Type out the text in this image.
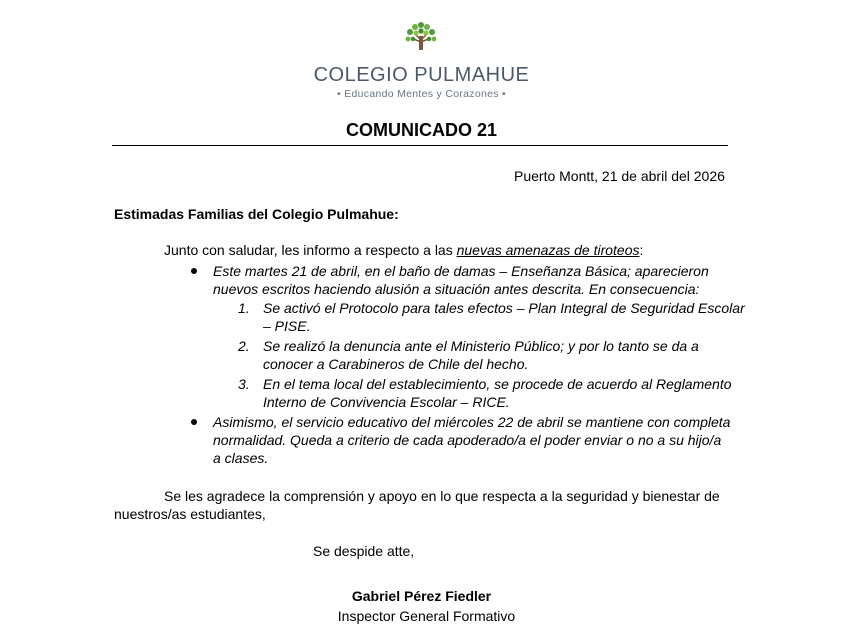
COLEGIO PULMAHUE
• Educando Mentes y Corazones •
COMUNICADO 21
Puerto Montt, 21 de abril del 2026
Estimadas Familias del Colegio Pulmahue:
Junto con saludar, les informo a respecto a las nuevas amenazas de tiroteos:
Este martes 21 de abril, en el baño de damas – Enseñanza Básica; aparecieron
nuevos escritos haciendo alusión a situación antes descrita. En consecuencia:
1. Se activó el Protocolo para tales efectos – Plan Integral de Seguridad Escolar
– PISE.
2. Se realizó la denuncia ante el Ministerio Público; y por lo tanto se da a
conocer a Carabineros de Chile del hecho.
3. En el tema local del establecimiento, se procede de acuerdo al Reglamento
Interno de Convivencia Escolar – RICE.
Asimismo, el servicio educativo del miércoles 22 de abril se mantiene con completa
normalidad. Queda a criterio de cada apoderado/a el poder enviar o no a su hijo/a
a clases.
Se les agradece la comprensión y apoyo en lo que respecta a la seguridad y bienestar de
nuestros/as estudiantes,
Se despide atte,
Gabriel Pérez Fiedler
Inspector General Formativo
